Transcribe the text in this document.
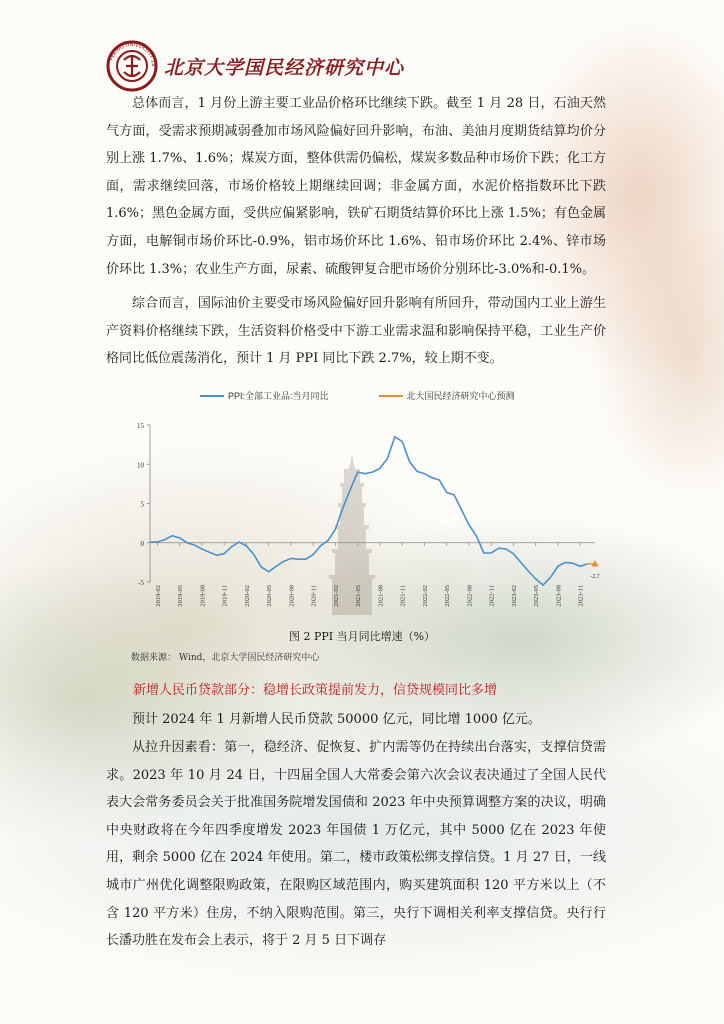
PEKING UNIVERSITY 18 北京大学国民经济研究中心
总体而言，1 月份上游主要工业品价格环比继续下跌。截至 1 月 28 日，石油天然气方面，受需求预期减弱叠加市场风险偏好回升影响，布油、美油月度期货结算均价分别上涨 1.7%、1.6%；煤炭方面，整体供需仍偏松，煤炭多数品种市场价下跌；化工方面，需求继续回落，市场价格较上期继续回调；非金属方面，水泥价格指数环比下跌 1.6%；黑色金属方面，受供应偏紧影响，铁矿石期货结算价环比上涨 1.5%；有色金属方面，电解铜市场价环比-0.9%，铝市场价环比 1.6%、铅市场价环比 2.4%、锌市场价环比 1.3%；农业生产方面，尿素、硫酸钾复合肥市场价分别环比-3.0%和-0.1%。
综合而言，国际油价主要受市场风险偏好回升影响有所回升，带动国内工业上游生产资料价格继续下跌，生活资料价格受中下游工业需求温和影响保持平稳，工业生产价格同比低位震荡消化，预计 1 月 PPI 同比下跌 2.7%，较上期不变。
PPI:全部工业品:当月同比	北大国民经济研究中心预测
15
10
5
0
-5
2019-02 2019-05 2019-08 2019-11 2020-02 2020-05 2020-08 2020-11 2021-02 2021-05 2021-08 2021-11 2022-02 2022-05 2022-08 2022-11 2023-02 2023-05 2023-08 2023-11
-2.7
图 2 PPI 当月同比增速（%）
数据来源： Wind，北京大学国民经济研究中心
新增人民币贷款部分：稳增长政策提前发力，信贷规模同比多增
预计 2024 年 1 月新增人民币贷款 50000 亿元，同比增 1000 亿元。
从拉升因素看：第一，稳经济、促恢复、扩内需等仍在持续出台落实，支撑信贷需求。2023 年 10 月 24 日，十四届全国人大常委会第六次会议表决通过了全国人民代表大会常务委员会关于批准国务院增发国债和 2023 年中央预算调整方案的决议，明确中央财政将在今年四季度增发 2023 年国债 1 万亿元，其中 5000 亿在 2023 年使用，剩余 5000 亿在 2024 年使用。第二，楼市政策松绑支撑信贷。1 月 27 日，一线城市广州优化调整限购政策，在限购区域范围内，购买建筑面积 120 平方米以上（不含 120 平方米）住房，不纳入限购范围。第三，央行下调相关利率支撑信贷。央行行长潘功胜在发布会上表示，将于 2 月 5 日下调存
